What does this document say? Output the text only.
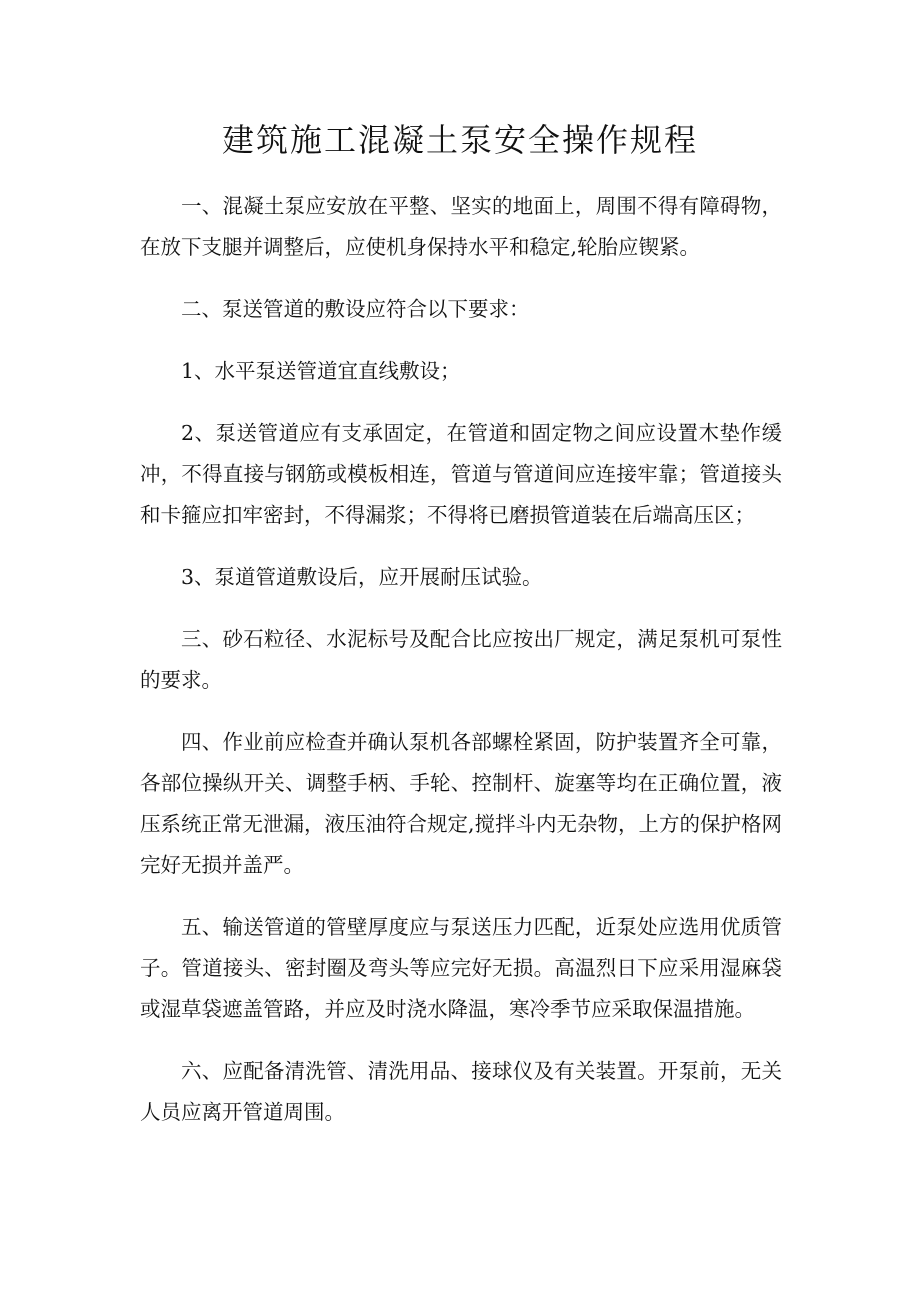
建筑施工混凝土泵安全操作规程

一、混凝土泵应安放在平整、坚实的地面上，周围不得有障碍物，在放下支腿并调整后，应使机身保持水平和稳定,轮胎应锲紧。

二、泵送管道的敷设应符合以下要求：

1、水平泵送管道宜直线敷设；

2、泵送管道应有支承固定，在管道和固定物之间应设置木垫作缓冲，不得直接与钢筋或模板相连，管道与管道间应连接牢靠；管道接头和卡箍应扣牢密封，不得漏浆；不得将已磨损管道装在后端高压区；

3、泵道管道敷设后，应开展耐压试验。

三、砂石粒径、水泥标号及配合比应按出厂规定，满足泵机可泵性的要求。

四、作业前应检查并确认泵机各部螺栓紧固，防护装置齐全可靠，各部位操纵开关、调整手柄、手轮、控制杆、旋塞等均在正确位置，液压系统正常无泄漏，液压油符合规定,搅拌斗内无杂物，上方的保护格网完好无损并盖严。

五、输送管道的管壁厚度应与泵送压力匹配，近泵处应选用优质管子。管道接头、密封圈及弯头等应完好无损。高温烈日下应采用湿麻袋或湿草袋遮盖管路，并应及时浇水降温，寒冷季节应采取保温措施。

六、应配备清洗管、清洗用品、接球仪及有关装置。开泵前，无关人员应离开管道周围。
